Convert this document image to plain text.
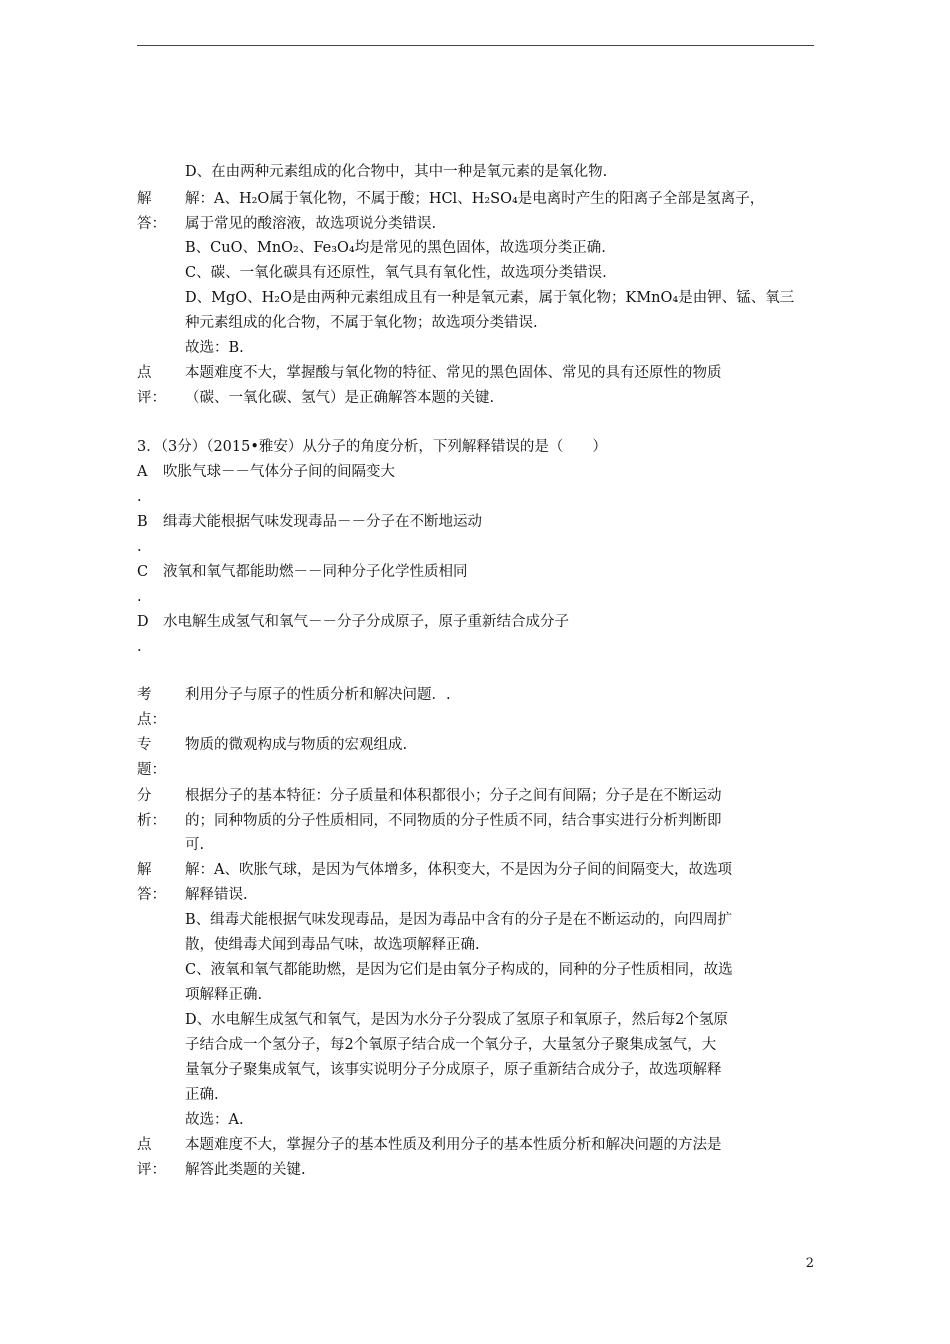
D、在由两种元素组成的化合物中，其中一种是氧元素的是氧化物.
解 解：A、H₂O属于氧化物，不属于酸；HCl、H₂SO₄是电离时产生的阳离子全部是氢离子，
答： 属于常见的酸溶液，故选项说分类错误.
B、CuO、MnO₂、Fe₃O₄均是常见的黑色固体，故选项分类正确.
C、碳、一氧化碳具有还原性，氧气具有氧化性，故选项分类错误.
D、MgO、H₂O是由两种元素组成且有一种是氧元素，属于氧化物；KMnO₄是由钾、锰、氧三
种元素组成的化合物，不属于氧化物；故选项分类错误.
故选：B.
点 本题难度不大，掌握酸与氧化物的特征、常见的黑色固体、常见的具有还原性的物质
评： （碳、一氧化碳、氢气）是正确解答本题的关键.
考 利用分子与原子的性质分析和解决问题．.
点：
专 物质的微观构成与物质的宏观组成.
题：
分 根据分子的基本特征：分子质量和体积都很小；分子之间有间隔；分子是在不断运动
析： 的；同种物质的分子性质相同，不同物质的分子性质不同，结合事实进行分析判断即
可.
解 解：A、吹胀气球，是因为气体增多，体积变大，不是因为分子间的间隔变大，故选项
答： 解释错误.
B、缉毒犬能根据气味发现毒品，是因为毒品中含有的分子是在不断运动的，向四周扩
散，使缉毒犬闻到毒品气味，故选项解释正确.
C、液氧和氧气都能助燃，是因为它们是由氧分子构成的，同种的分子性质相同，故选
项解释正确.
D、水电解生成氢气和氧气，是因为水分子分裂成了氢原子和氧原子，然后每2个氢原
子结合成一个氢分子，每2个氧原子结合成一个氧分子，大量氢分子聚集成氢气，大
量氧分子聚集成氧气，该事实说明分子分成原子，原子重新结合成分子，故选项解释
正确.
故选：A.
点 本题难度不大，掌握分子的基本性质及利用分子的基本性质分析和解决问题的方法是
评： 解答此类题的关键.
3．（3分）（2015•雅安）从分子的角度分析，下列解释错误的是（　　）
A 吹胀气球－－气体分子间的间隔变大
.
B 缉毒犬能根据气味发现毒品－－分子在不断地运动
.
C 液氧和氧气都能助燃－－同种分子化学性质相同
.
D 水电解生成氢气和氧气－－分子分成原子，原子重新结合成分子
.
2
